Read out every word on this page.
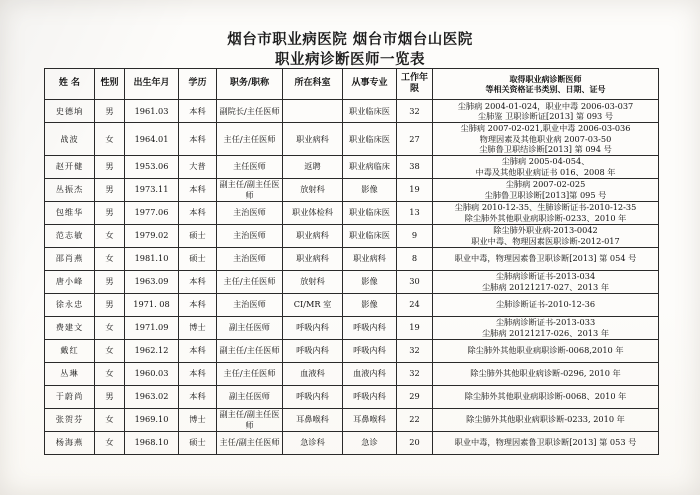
烟台市职业病医院 烟台市烟台山医院
职业病诊断医师一览表
姓 名	性别	出生年月	学历	职务/职称	所在科室	从事专业	工作年限	取得职业病诊断医师
等相关资格证书类别、日期、证号

史德垧	男	1961.03	本科	副院长/主任医师		职业临床医	32	尘肺病 2004-01-024，职业中毒 2006-03-037
尘肺鉴 卫职诊断证[2013] 第 093 号

战波	女	1964.01	本科	主任/主任医师	职业病科	职业临床医	27	尘肺病 2007-02-021,职业中毒 2006-03-036
物理因素及其他职业病 2007-03-50
尘肺鲁卫职结诊断[2013] 第 094 号

赵开健	男	1953.06	大普	主任医师	返聘	职业病临床	38	尘肺病 2005-04-054、
中毒及其他职业病证书 016、2008 年

丛振杰	男	1973.11	本科	副主任/副主任医师	放射科	影像	19	尘肺病 2007-02-025
尘肺鲁卫职诊断[2013]第 095 号

包维华	男	1977.06	本科	主治医师	职业体检科	职业临床医	13	尘肺病 2010-12-35、生肺诊断证书-2010-12-35
除尘肺外其他职业病职诊断-0233、2010 年

范志敏	女	1979.02	硕士	主治医师	职业病科	职业临床医	9	除尘肺外职业病-2013-0042
职业中毒、物理因素医职诊断-2012-017

邵肖燕	女	1981.10	硕士	主治医师	职业病科	职业病科	8	职业中毒，物理因素鲁卫职诊断[2013] 第 054 号

唐小峰	男	1963.09	本科	主任/主任医师	放射科	影像	30	尘肺病诊断证书-2013-034
尘肺病 20121217-027、2013 年

徐永忠	男	1971. 08	本科	主治医师	CI/MR 室	影像	24	尘肺诊断证书-2010-12-36

费建文	女	1971.09	博士	副主任医师	呼吸内科	呼吸内科	19	尘肺病诊断证书-2013-033
尘肺病 20121217-026、2013 年

戴红	女	1962.12	本科	副主任/主任医师	呼吸内科	呼吸内科	32	除尘肺外其他职业病职诊断-0068,2010 年

丛琳	女	1960.03	本科	主任/主任医师	血液科	血液内科	32	除尘肺外其他职业病诊断-0296, 2010 年

于蔚尚	男	1963.02	本科	副主任医师	呼吸内科	呼吸内科	29	除尘肺外其他职业病职诊断-0068、2010 年

张贺芬	女	1969.10	博士	副主任/副主任医师	耳鼻喉科	耳鼻喉科	22	除尘肺外其他职业病职诊断-0233, 2010 年

杨海燕	女	1968.10	硕士	主任/副主任医师	急诊科	急诊	20	职业中毒，物理因素鲁卫职诊断[2013] 第 053 号
